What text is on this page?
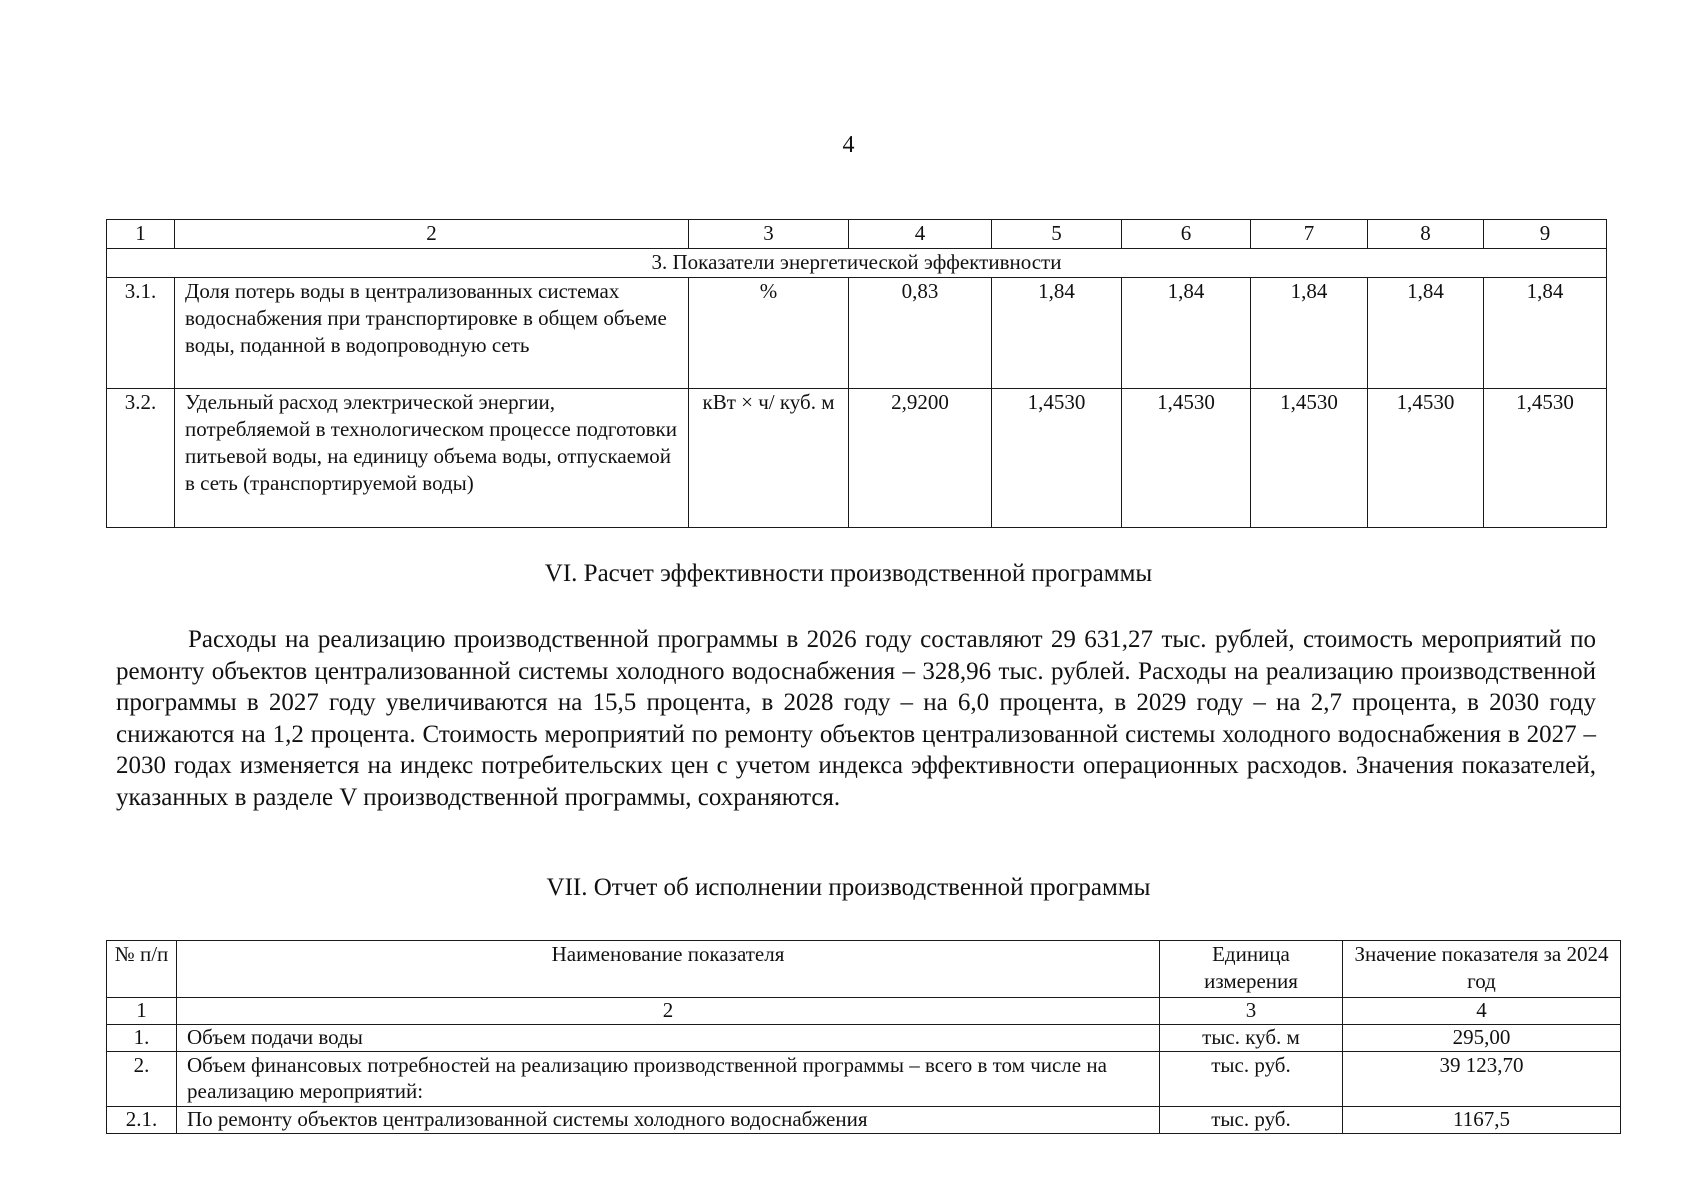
4
1	2	3	4	5	6	7	8	9
3. Показатели энергетической эффективности								
3.1.	Доля потерь воды в централизованных системах водоснабжения при транспортировке в общем объеме воды, поданной в водопроводную сеть	%	0,83	1,84	1,84	1,84	1,84	1,84
3.2.	Удельный расход электрической энергии, потребляемой в технологическом процессе подготовки питьевой воды, на единицу объема воды, отпускаемой в сеть (транспортируемой воды)	кВт × ч/ куб. м	2,9200	1,4530	1,4530	1,4530	1,4530	1,4530
VI. Расчет эффективности производственной программы

Расходы на реализацию производственной программы в 2026 году составляют 29 631,27 тыс. рублей, стоимость мероприятий по ремонту объектов централизованной системы холодного водоснабжения – 328,96 тыс. рублей. Расходы на реализацию производственной программы в 2027 году увеличиваются на 15,5 процента, в 2028 году – на 6,0 процента, в 2029 году – на 2,7 процента, в 2030 году снижаются на 1,2 процента. Стоимость мероприятий по ремонту объектов централизованной системы холодного водоснабжения в 2027 – 2030 годах изменяется на индекс потребительских цен с учетом индекса эффективности операционных расходов. Значения показателей, указанных в разделе V производственной программы, сохраняются.

VII. Отчет об исполнении производственной программы
№ п/п	Наименование показателя	Единица измерения	Значение показателя за 2024 год
1	2	3	4
1.	Объем подачи воды	тыс. куб. м	295,00
2.	Объем финансовых потребностей на реализацию производственной программы – всего в том числе на реализацию мероприятий:	тыс. руб.	39 123,70
2.1.	По ремонту объектов централизованной системы холодного водоснабжения	тыс. руб.	1167,5
